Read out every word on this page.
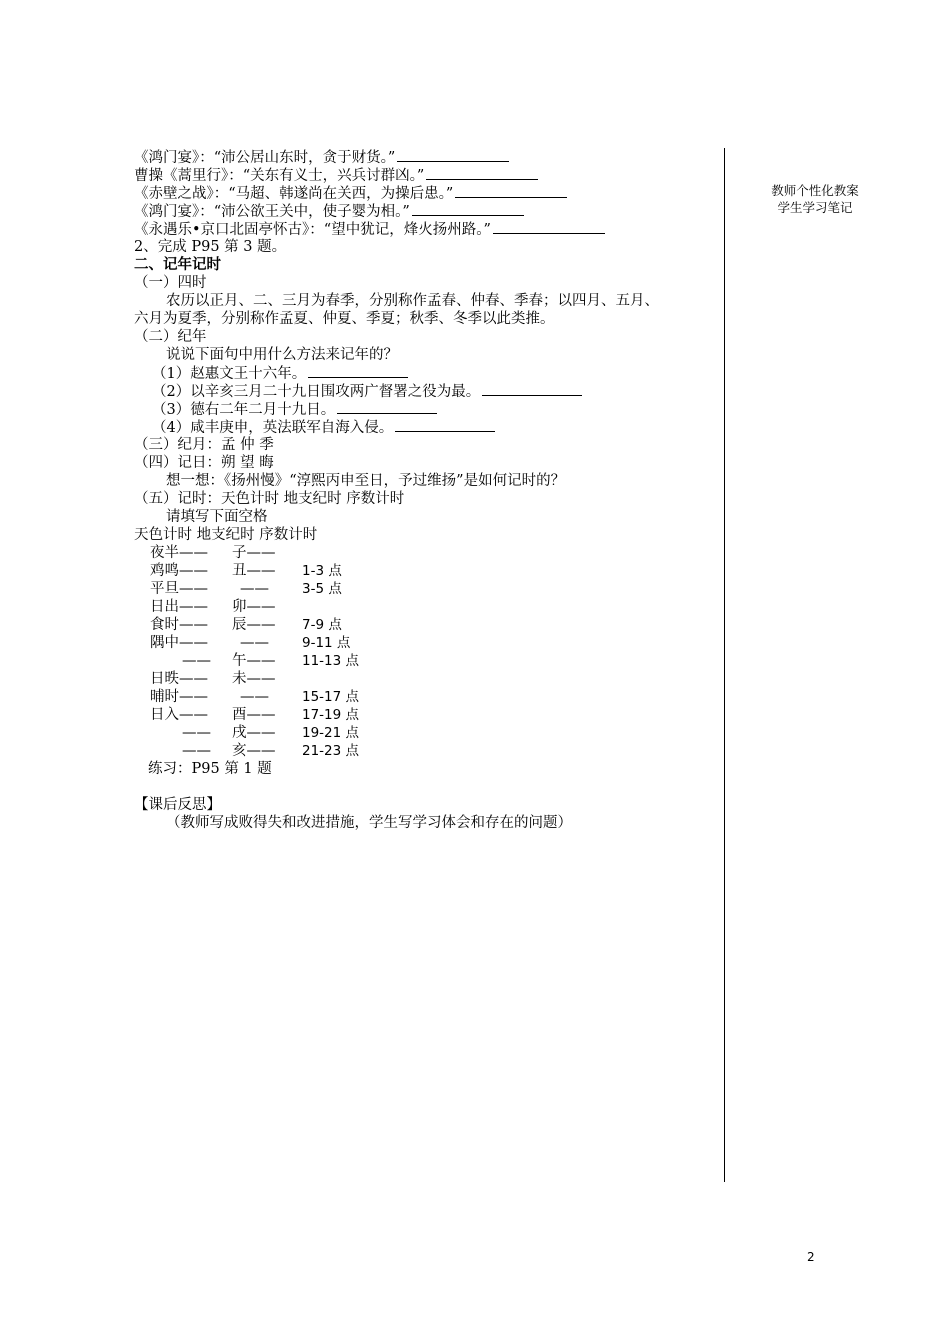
《鸿门宴》：“沛公居山东时，贪于财货。”
曹操《蒿里行》：“关东有义士，兴兵讨群凶。”
《赤壁之战》：“马超、韩遂尚在关西，为操后患。”
《鸿门宴》：“沛公欲王关中，使子婴为相。”
《永遇乐•京口北固亭怀古》：“望中犹记，烽火扬州路。”
2、完成 P95 第 3 题。
二、记年记时
（一）四时
农历以正月、二、三月为春季，分别称作孟春、仲春、季春；以四月、五月、
六月为夏季，分别称作孟夏、仲夏、季夏；秋季、冬季以此类推。
（二）纪年
说说下面句中用什么方法来记年的？
（1）赵惠文王十六年。
（2）以辛亥三月二十九日围攻两广督署之役为最。
（3）德右二年二月十九日。
（4）咸丰庚申，英法联军自海入侵。
（三）纪月：孟 仲 季
（四）记日：朔 望 晦
想一想：《扬州慢》“淳熙丙申至日，予过维扬”是如何记时的？
（五）记时：天色计时 地支纪时 序数计时
请填写下面空格
天色计时 地支纪时 序数计时
夜半—— 子——
鸡鸣—— 丑—— 1-3 点
平旦—— —— 3-5 点
日出—— 卯——
食时—— 辰—— 7-9 点
隅中—— —— 9-11 点
—— 午—— 11-13 点
日昳—— 未——
晡时—— —— 15-17 点
日入—— 酉—— 17-19 点
—— 戌—— 19-21 点
—— 亥—— 21-23 点
练习：P95 第 1 题
【课后反思】
（教师写成败得失和改进措施，学生写学习体会和存在的问题）
教师个性化教案
学生学习笔记
2
